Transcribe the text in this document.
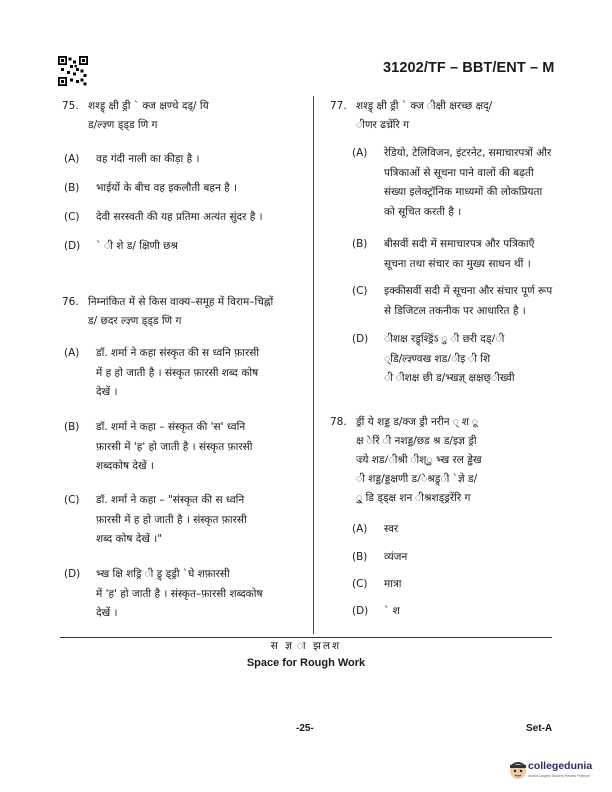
31202/TF – BBT/ENT – M
75. शश्ड्र् क्षी ड्री ` क्ज क्षण्थे दड्/ यि
ड/ल्ज्ञ्ण ड्ड्ड णि ग
(A) वह गंदी नाली का कीड़ा है ।
(B) भाईयों के बीच वह इकलौती बहन है ।
(C) देवी सरस्वती की यह प्रतिमा अत्यंत सुंदर है ।
(D) ` ी शे ड/ क्षिणी छश्र
76. निम्नांकित में से किस वाक्य–समूह में विराम–चिह्नों
ड/ छदर ल्ज्ञ्ण ड्ड्ड णि ग
(A) डॉ. शर्मा ने कहा संस्कृत की स ध्वनि फ़ारसी
में ह हो जाती है । संस्कृत फ़ारसी शब्द कोष
देखें ।
(B) डॉ. शर्मा ने कहा – संस्कृत की 'स' ध्वनि
फ़ारसी में 'ह' हो जाती है । संस्कृत फ़ारसी
शब्दकोष देखें ।
(C) डॉ. शर्मा ने कहा – "संस्कृत की स ध्वनि
फ़ारसी में ह हो जाती है । संस्कृत फ़ारसी
शब्द कोष देखें ।"
(D) भ्ख क्षि शड्रि ी ड्र् ड्ड्री `घे शफ़ारसी
में 'ह' हो जाती है । संस्कृत–फ़ारसी शब्दकोष
देखें ।
77. शश्ड्र् क्षी ड्री ` क्ज ीक्षी क्षरच्छ क्षद्/
ीणर ढच्रेंरि ग
(A) रेडियो, टेलिविजन, इंटरनेट, समाचारपत्रों और
पत्रिकाओं से सूचना पाने वालों की बढ़ती
संख्या इलेक्ट्रॉनिक माध्यमों की लोकप्रियता
को सूचित करती है ।
(B) बीसवीं सदी में समाचारपत्र और पत्रिकाएँ
सूचना तथा संचार का मुख्य साधन थीं ।
(C) इक्कीसवीं सदी में सूचना और संचार पूर्ण रूप
से डिजिटल तकनीक पर आधारित है ।
(D) ीशक्ष रड्र्श्ड्रिंऽ ु ी छरी दड्/ी
्डि/ल्ज्ञ्ण्वख शड/ीइ ी शि
ी ीशक्ष छी ड/भ्खज्ञ् क्षक्षछ्ीख्वी
78. ड्रीं ये शड्ड ड/क्ज ड्री नरीन ् श ू
क्ष ेरिं ी नशड्ड/छड श्र ड/इज्ञ ड्री
ज्र्ये शड/ीश्री ीश्ु भ्ख रल ड्ढेख
ी शड्ड/ड्डक्षणी ड/ेश्रड्र्ी `ज्ञे ड/
ु् डि ड्ड्क्ष शन ीश्रशड्ड्ररेंरि ग
(A) स्वर
(B) व्यंजन
(C) मात्रा
(D) ` श
स ज्ञ ा झलश
Space for Rough Work
-25-	Set-A
collegedunia
India's Largest Student Review Platform
